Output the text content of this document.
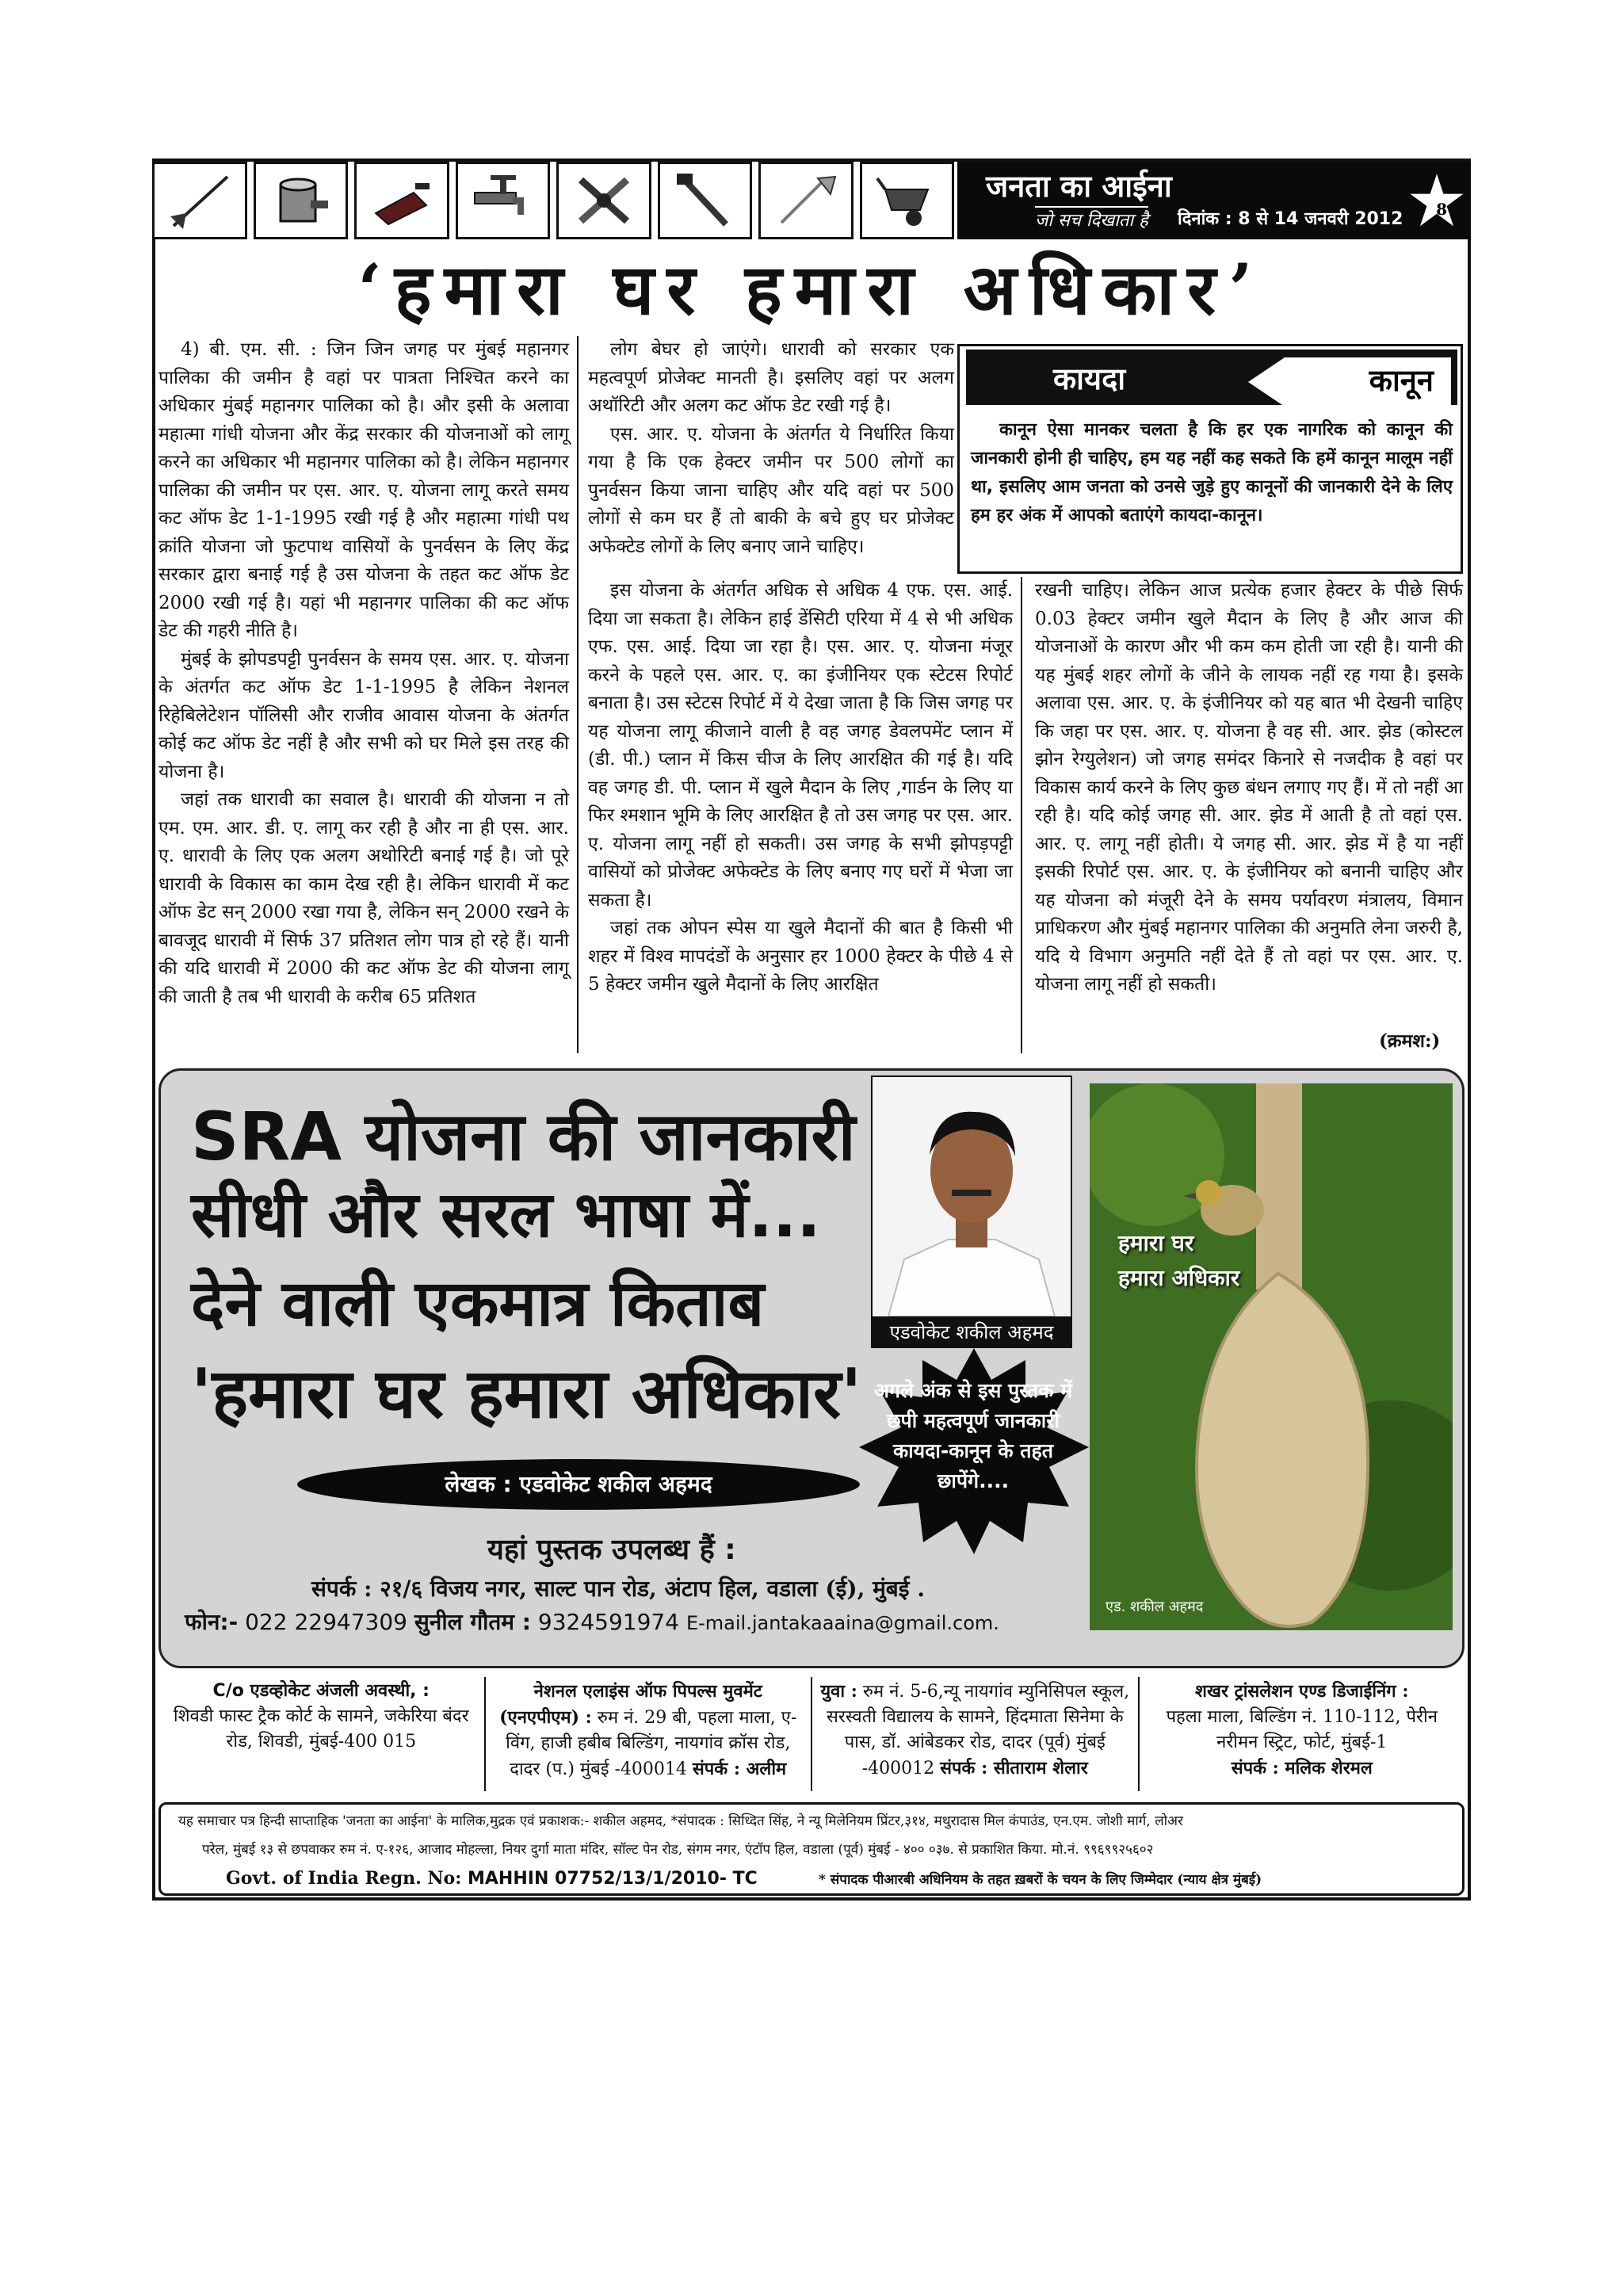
जनता का आईना
जो सच दिखाता है दिनांक : 8 से 14 जनवरी 2012 8
‘हमारा घर हमारा अधिकार’

4) बी. एम. सी. : जिन जिन जगह पर मुंबई महानगर पालिका की जमीन है वहां पर पात्रता निश्चित करने का अधिकार मुंबई महानगर पालिका को है। और इसी के अलावा महात्मा गांधी योजना और केंद्र सरकार की योजनाओं को लागू करने का अधिकार भी महानगर पालिका को है। लेकिन महानगर पालिका की जमीन पर एस. आर. ए. योजना लागू करते समय कट ऑफ डेट 1-1-1995 रखी गई है और महात्मा गांधी पथ क्रांति योजना जो फुटपाथ वासियों के पुनर्वसन के लिए केंद्र सरकार द्वारा बनाई गई है उस योजना के तहत कट ऑफ डेट 2000 रखी गई है। यहां भी महानगर पालिका की कट ऑफ डेट की गहरी नीति है।

मुंबई के झोपडपट्टी पुनर्वसन के समय एस. आर. ए. योजना के अंतर्गत कट ऑफ डेट 1-1-1995 है लेकिन नेशनल रिहेबिलेटेशन पॉलिसी और राजीव आवास योजना के अंतर्गत कोई कट ऑफ डेट नहीं है और सभी को घर मिले इस तरह की योजना है।

जहां तक धारावी का सवाल है। धारावी की योजना न तो एम. एम. आर. डी. ए. लागू कर रही है और ना ही एस. आर. ए. धारावी के लिए एक अलग अथोरिटी बनाई गई है। जो पूरे धारावी के विकास का काम देख रही है। लेकिन धारावी में कट ऑफ डेट सन् 2000 रखा गया है, लेकिन सन् 2000 रखने के बावजूद धारावी में सिर्फ 37 प्रतिशत लोग पात्र हो रहे हैं। यानी की यदि धारावी में 2000 की कट ऑफ डेट की योजना लागू की जाती है तब भी धारावी के करीब 65 प्रतिशत

लोग बेघर हो जाएंगे। धारावी को सरकार एक महत्वपूर्ण प्रोजेक्ट मानती है। इसलिए वहां पर अलग अथॉरिटी और अलग कट ऑफ डेट रखी गई है।

एस. आर. ए. योजना के अंतर्गत ये निर्धारित किया गया है कि एक हेक्टर जमीन पर 500 लोगों का पुनर्वसन किया जाना चाहिए और यदि वहां पर 500 लोगों से कम घर हैं तो बाकी के बचे हुए घर प्रोजेक्ट अफेक्टेड लोगों के लिए बनाए जाने चाहिए।

कायदा	कानून
कानून ऐसा मानकर चलता है कि हर एक नागरिक को कानून की जानकारी होनी ही चाहिए, हम यह नहीं कह सकते कि हमें कानून मालूम नहीं था, इसलिए आम जनता को उनसे जुड़े हुए कानूनों की जानकारी देने के लिए हम हर अंक में आपको बताएंगे कायदा-कानून।

इस योजना के अंतर्गत अधिक से अधिक 4 एफ. एस. आई. दिया जा सकता है। लेकिन हाई डेंसिटी एरिया में 4 से भी अधिक एफ. एस. आई. दिया जा रहा है। एस. आर. ए. योजना मंजूर करने के पहले एस. आर. ए. का इंजीनियर एक स्टेटस रिपोर्ट बनाता है। उस स्टेटस रिपोर्ट में ये देखा जाता है कि जिस जगह पर यह योजना लागू कीजाने वाली है वह जगह डेवलपमेंट प्लान में (डी. पी.) प्लान में किस चीज के लिए आरक्षित की गई है। यदि वह जगह डी. पी. प्लान में खुले मैदान के लिए ,गार्डन के लिए या फिर श्मशान भूमि के लिए आरक्षित है तो उस जगह पर एस. आर. ए. योजना लागू नहीं हो सकती। उस जगह के सभी झोपड़पट्टी वासियों को प्रोजेक्ट अफेक्टेड के लिए बनाए गए घरों में भेजा जा सकता है।

जहां तक ओपन स्पेस या खुले मैदानों की बात है किसी भी शहर में विश्व मापदंडों के अनुसार हर 1000 हेक्टर के पीछे 4 से 5 हेक्टर जमीन खुले मैदानों के लिए आरक्षित

रखनी चाहिए। लेकिन आज प्रत्येक हजार हेक्टर के पीछे सिर्फ 0.03 हेक्टर जमीन खुले मैदान के लिए है और आज की योजनाओं के कारण और भी कम कम होती जा रही है। यानी की यह मुंबई शहर लोगों के जीने के लायक नहीं रह गया है। इसके अलावा एस. आर. ए. के इंजीनियर को यह बात भी देखनी चाहिए कि जहा पर एस. आर. ए. योजना है वह सी. आर. झेड (कोस्टल झोन रेग्युलेशन) जो जगह समंदर किनारे से नजदीक है वहां पर विकास कार्य करने के लिए कुछ बंधन लगाए गए हैं। में तो नहीं आ रही है। यदि कोई जगह सी. आर. झेड में आती है तो वहां एस. आर. ए. लागू नहीं होती। ये जगह सी. आर. झेड में है या नहीं इसकी रिपोर्ट एस. आर. ए. के इंजीनियर को बनानी चाहिए और यह योजना को मंजूरी देने के समय पर्यावरण मंत्रालय, विमान प्राधिकरण और मुंबई महानगर पालिका की अनुमति लेना जरुरी है, यदि ये विभाग अनुमति नहीं देते हैं तो वहां पर एस. आर. ए. योजना लागू नहीं हो सकती।

(क्रमश:)
SRA योजना की जानकारी
सीधी और सरल भाषा में...
देने वाली एकमात्र किताब
'हमारा घर हमारा अधिकार'
लेखक : एडवोकेट शकील अहमद
यहां पुस्तक उपलब्ध हैं :
संपर्क : २१/६ विजय नगर, साल्ट पान रोड, अंटाप हिल, वडाला (ई), मुंबई .
फोन:- 022 22947309 सुनील गौतम : 9324591974 E-mail.jantakaaaina@gmail.com.
एडवोकेट शकील अहमद
अगले अंक से इस पुस्तक में छपी महत्वपूर्ण जानकारी कायदा-कानून के तहत छापेंगे....
हमारा घर
हमारा अधिकार
एड. शकील अहमद
C/o एडव्होकेट अंजली अवस्थी, :
शिवडी फास्ट ट्रैक कोर्ट के सामने, जकेरिया बंदर रोड, शिवडी, मुंबई-400 015
नेशनल एलाइंस ऑफ पिपल्स मुवमेंट (एनएपीएम) : रुम नं. 29 बी, पहला माला, ए-विंग, हाजी हबीब बिल्डिंग, नायगांव क्रॉस रोड, दादर (प.) मुंबई -400014 संपर्क : अलीम
युवा : रुम नं. 5-6,न्यू नायगांव म्युनिसिपल स्कूल, सरस्वती विद्यालय के सामने, हिंदमाता सिनेमा के पास, डॉ. आंबेडकर रोड, दादर (पूर्व) मुंबई -400012 संपर्क : सीताराम शेलार
शखर ट्रांसलेशन एण्ड डिजाईनिंग :
पहला माला, बिल्डिंग नं. 110-112, पेरीन नरीमन स्ट्रिट, फोर्ट, मुंबई-1
संपर्क : मलिक शेरमल
यह समाचार पत्र हिन्दी साप्ताहिक 'जनता का आईना' के मालिक,मुद्रक एवं प्रकाशक:- शकील अहमद, *संपादक : सिध्दित सिंह, ने न्यू मिलेनियम प्रिंटर,३१४, मथुरादास मिल कंपाउंड, एन.एम. जोशी मार्ग, लोअर
परेल, मुंबई १३ से छपवाकर रुम नं. ए-१२६, आजाद मोहल्ला, नियर दुर्गा माता मंदिर, सॉल्ट पेन रोड, संगम नगर, एंटॉप हिल, वडाला (पूर्व) मुंबई - ४०० ०३७. से प्रकाशित किया. मो.नं. ९९६९९२५६०२
Govt. of India Regn. No: MAHHIN 07752/13/1/2010- TC	* संपादक पीआरबी अधिनियम के तहत ख़बरों के चयन के लिए जिम्मेदार (न्याय क्षेत्र मुंबई)
